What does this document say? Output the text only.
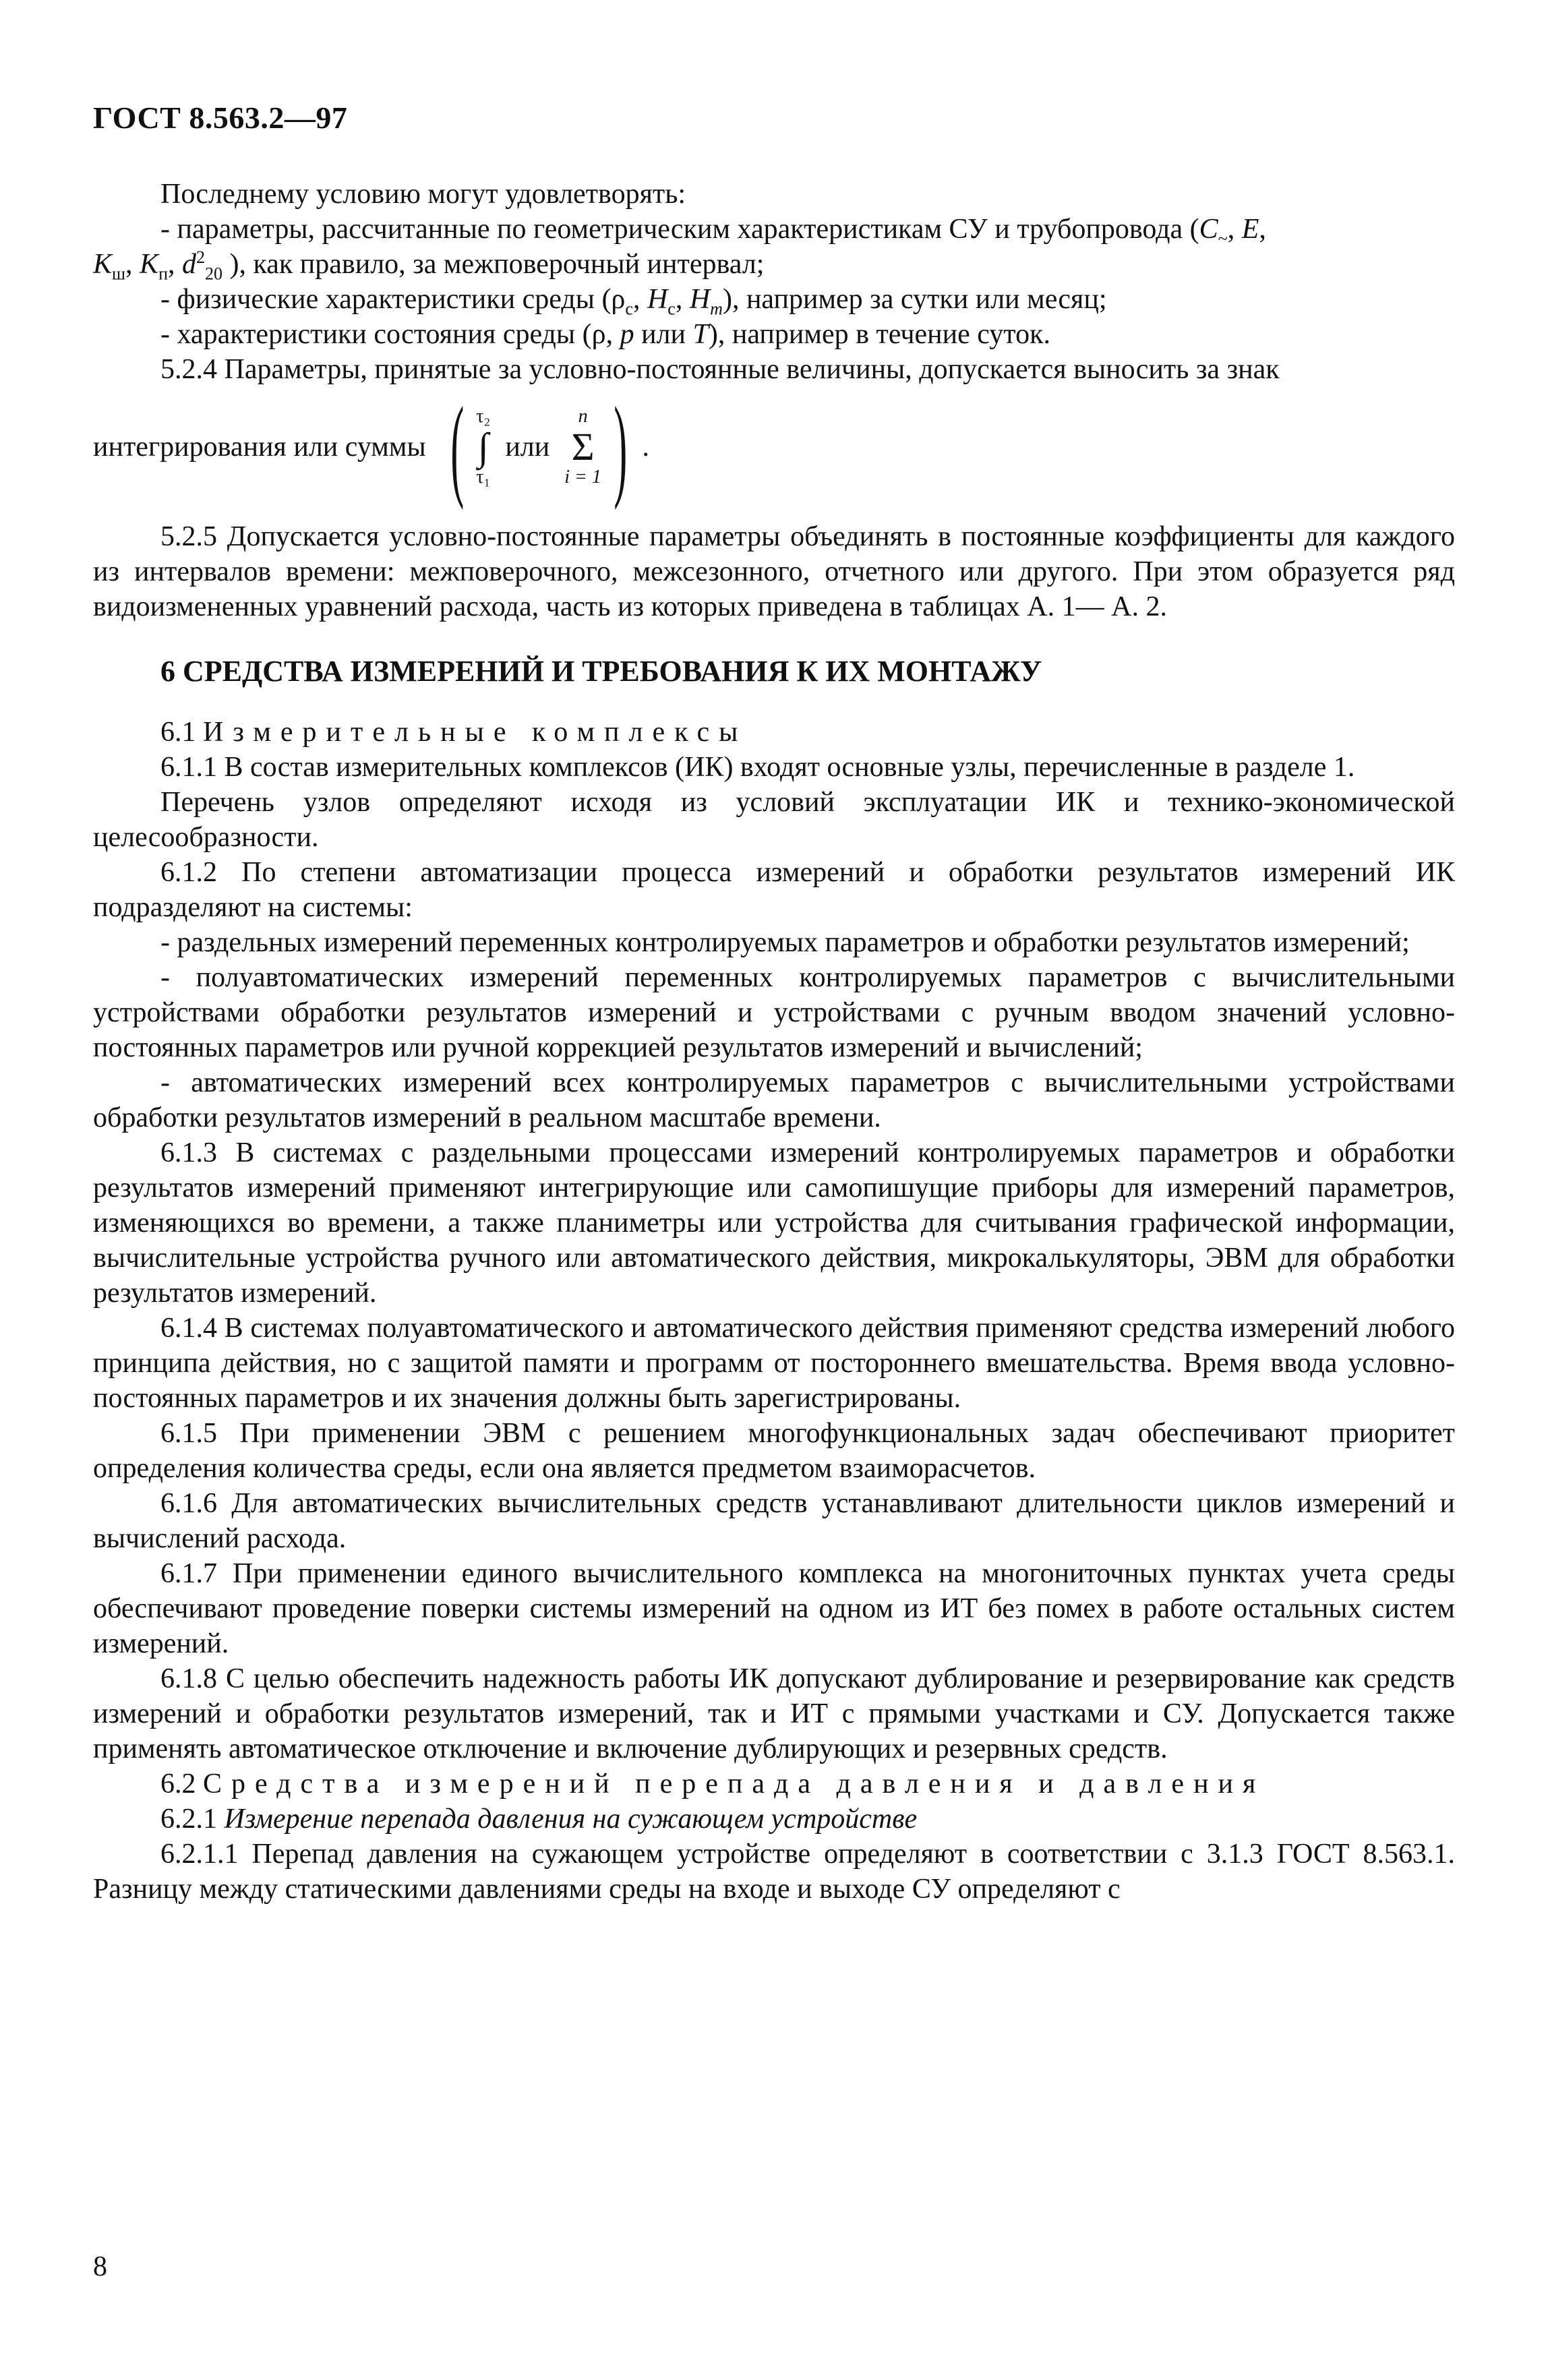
ГОСТ 8.563.2—97

Последнему условию могут удовлетворять:

- параметры, рассчитанные по геометрическим характеристикам СУ и трубопровода ($C_\sim$, E,

$K_ш$, $K_п$, $d^2_{20}$ ), как правило, за межповерочный интервал;

- физические характеристики среды ($\rho_с$, $H_с$, $H_m$), например за сутки или месяц;

- характеристики состояния среды (ρ, p или T), например в течение суток.

5.2.4 Параметры, принятые за условно-постоянные величины, допускается выносить за знак

интегрирования или суммы ( τ₂
∫
τ₁
или
n
Σ
i = 1 ) .

5.2.5 Допускается условно-постоянные параметры объединять в постоянные коэффициенты для каждого из интервалов времени: межповерочного, межсезонного, отчетного или другого. При этом образуется ряд видоизмененных уравнений расхода, часть из которых приведена в таблицах А. 1— А. 2.

6 СРЕДСТВА ИЗМЕРЕНИЙ И ТРЕБОВАНИЯ К ИХ МОНТАЖУ

6.1 Измерительные комплексы

6.1.1 В состав измерительных комплексов (ИК) входят основные узлы, перечисленные в разделе 1.

Перечень узлов определяют исходя из условий эксплуатации ИК и технико-экономической целесообразности.

6.1.2 По степени автоматизации процесса измерений и обработки результатов измерений ИК подразделяют на системы:

- раздельных измерений переменных контролируемых параметров и обработки результатов измерений;

- полуавтоматических измерений переменных контролируемых параметров с вычислительными устройствами обработки результатов измерений и устройствами с ручным вводом значений условно-постоянных параметров или ручной коррекцией результатов измерений и вычислений;

- автоматических измерений всех контролируемых параметров с вычислительными устройствами обработки результатов измерений в реальном масштабе времени.

6.1.3 В системах с раздельными процессами измерений контролируемых параметров и обработки результатов измерений применяют интегрирующие или самопишущие приборы для измерений параметров, изменяющихся во времени, а также планиметры или устройства для считывания графической информации, вычислительные устройства ручного или автоматического действия, микрокалькуляторы, ЭВМ для обработки результатов измерений.

6.1.4 В системах полуавтоматического и автоматического действия применяют средства измерений любого принципа действия, но с защитой памяти и программ от постороннего вмешательства. Время ввода условно-постоянных параметров и их значения должны быть зарегистрированы.

6.1.5 При применении ЭВМ с решением многофункциональных задач обеспечивают приоритет определения количества среды, если она является предметом взаиморасчетов.

6.1.6 Для автоматических вычислительных средств устанавливают длительности циклов измерений и вычислений расхода.

6.1.7 При применении единого вычислительного комплекса на многониточных пунктах учета среды обеспечивают проведение поверки системы измерений на одном из ИТ без помех в работе остальных систем измерений.

6.1.8 С целью обеспечить надежность работы ИК допускают дублирование и резервирование как средств измерений и обработки результатов измерений, так и ИТ с прямыми участками и СУ. Допускается также применять автоматическое отключение и включение дублирующих и резервных средств.

6.2 Средства измерений перепада давления и давления

6.2.1 Измерение перепада давления на сужающем устройстве

6.2.1.1 Перепад давления на сужающем устройстве определяют в соответствии с 3.1.3 ГОСТ 8.563.1. Разницу между статическими давлениями среды на входе и выходе СУ определяют с

8
